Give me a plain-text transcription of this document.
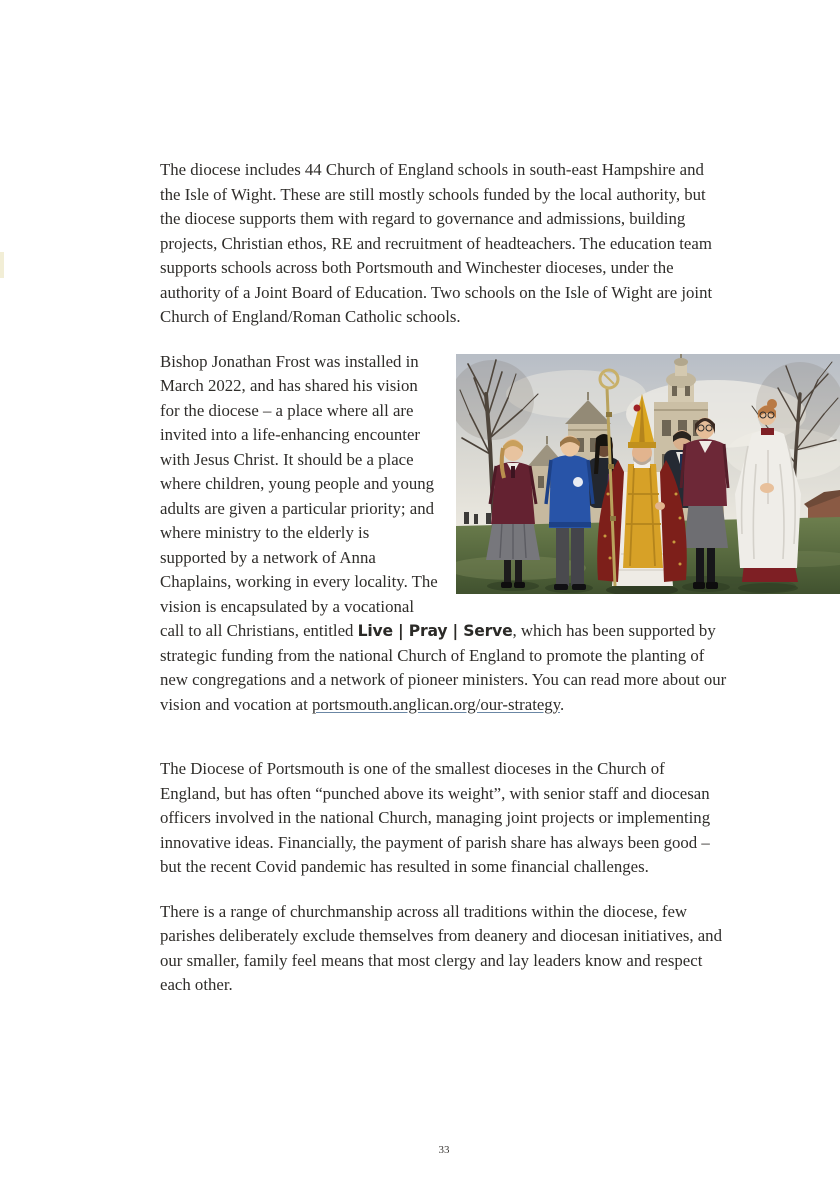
The diocese includes 44 Church of England schools in south-east Hampshire and the Isle of Wight. These are still mostly schools funded by the local authority, but the diocese supports them with regard to governance and admissions, building projects, Christian ethos, RE and recruitment of headteachers. The education team supports schools across both Portsmouth and Winchester dioceses, under the authority of a Joint Board of Education. Two schools on the Isle of Wight are joint Church of England/Roman Catholic schools.

Bishop Jonathan Frost was installed in March 2022, and has shared his vision for the diocese – a place where all are invited into a life-enhancing encounter with Jesus Christ. It should be a place where children, young people and young adults are given a particular priority; and where ministry to the elderly is supported by a network of Anna Chaplains, working in every locality. The vision is encapsulated by a vocational call to all Christians, entitled Live | Pray | Serve, which has been supported by strategic funding from the national Church of England to promote the planting of new congregations and a network of pioneer ministers. You can read more about our vision and vocation at portsmouth.anglican.org/our-strategy.

The Diocese of Portsmouth is one of the smallest dioceses in the Church of England, but has often “punched above its weight”, with senior staff and diocesan officers involved in the national Church, managing joint projects or implementing innovative ideas. Financially, the payment of parish share has always been good – but the recent Covid pandemic has resulted in some financial challenges.

There is a range of churchmanship across all traditions within the diocese, few parishes deliberately exclude themselves from deanery and diocesan initiatives, and our smaller, family feel means that most clergy and lay leaders know and respect each other.

33
